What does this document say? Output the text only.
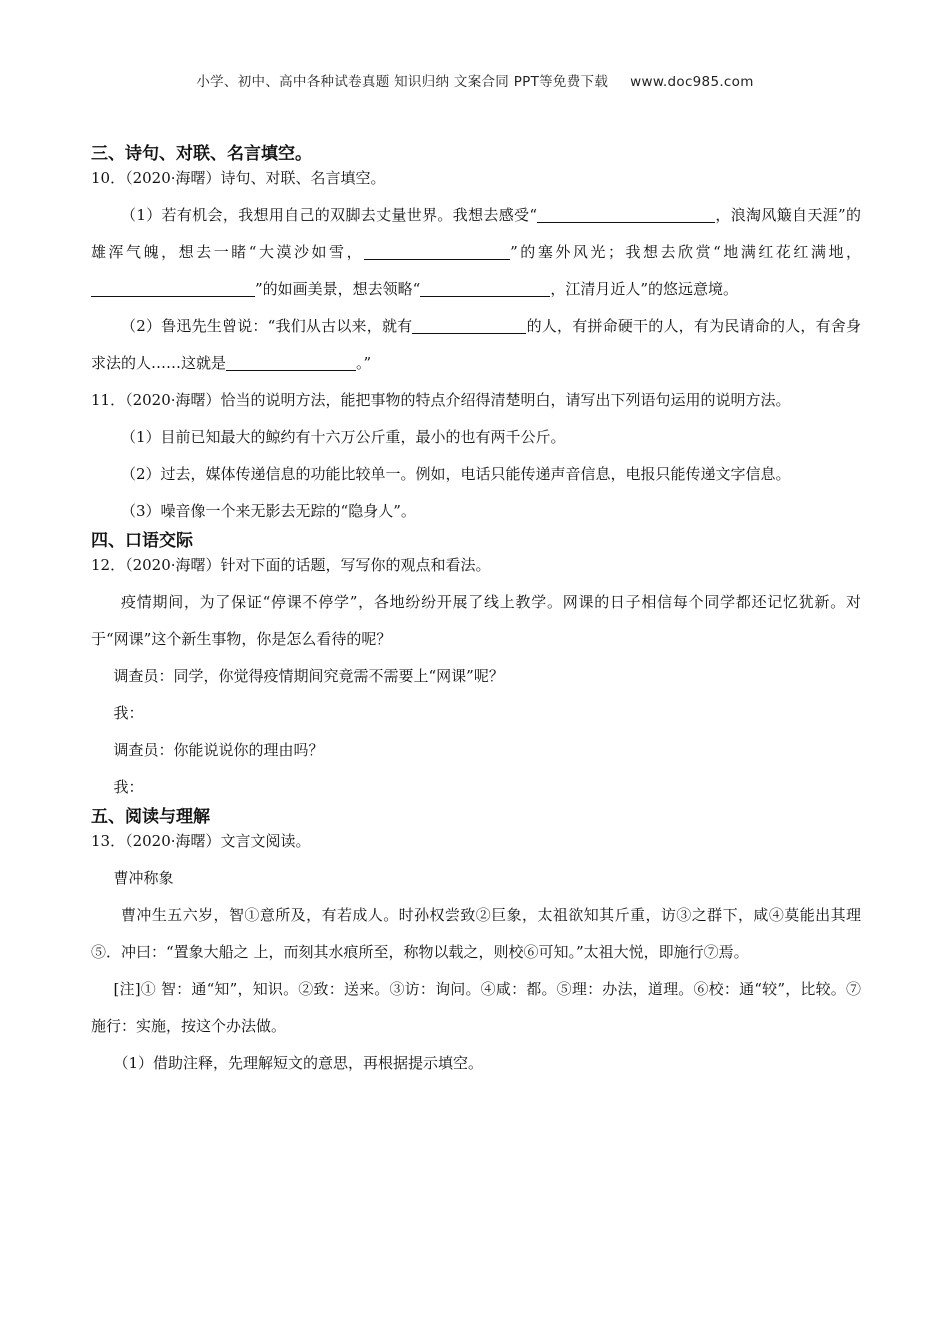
小学、初中、高中各种试卷真题 知识归纳 文案合同 PPT等免费下载 www.doc985.com

三、诗句、对联、名言填空。

10．（2020·海曙）诗句、对联、名言填空。

（1）若有机会，我想用自己的双脚去丈量世界。我想去感受“	，浪淘风簸自天涯”的雄浑气魄，想去一睹“大漠沙如雪，	”的塞外风光；我想去欣赏“地满红花红满地，”的如画美景，想去领略“	，江清月近人”的悠远意境。

（2）鲁迅先生曾说：“我们从古以来，就有	的人，有拼命硬干的人，有为民请命的人，有舍身求法的人……这就是	。”

11．（2020·海曙）恰当的说明方法，能把事物的特点介绍得清楚明白，请写出下列语句运用的说明方法。

（1）目前已知最大的鲸约有十六万公斤重，最小的也有两千公斤。

（2）过去，媒体传递信息的功能比较单一。例如，电话只能传递声音信息，电报只能传递文字信息。

（3）噪音像一个来无影去无踪的“隐身人”。

四、口语交际

12．（2020·海曙）针对下面的话题，写写你的观点和看法。

疫情期间，为了保证“停课不停学”，各地纷纷开展了线上教学。网课的日子相信每个同学都还记忆犹新。对于“网课”这个新生事物，你是怎么看待的呢？

调查员：同学，你觉得疫情期间究竟需不需要上“网课”呢？

我：

调查员：你能说说你的理由吗？

我：

五、阅读与理解

13．（2020·海曙）文言文阅读。

曹冲称象

曹冲生五六岁，智①意所及，有若成人。时孙权尝致②巨象，太祖欲知其斤重，访③之群下，咸④莫能出其理⑤．冲曰：“置象大船之 上，而刻其水痕所至，称物以载之，则校⑥可知。”太祖大悦，即施行⑦焉。

[注]① 智：通“知”，知识。②致：送来。③访：询问。④咸：都。⑤理：办法，道理。⑥校：通“较”，比较。⑦施行：实施，按这个办法做。

（1）借助注释，先理解短文的意思，再根据提示填空。
